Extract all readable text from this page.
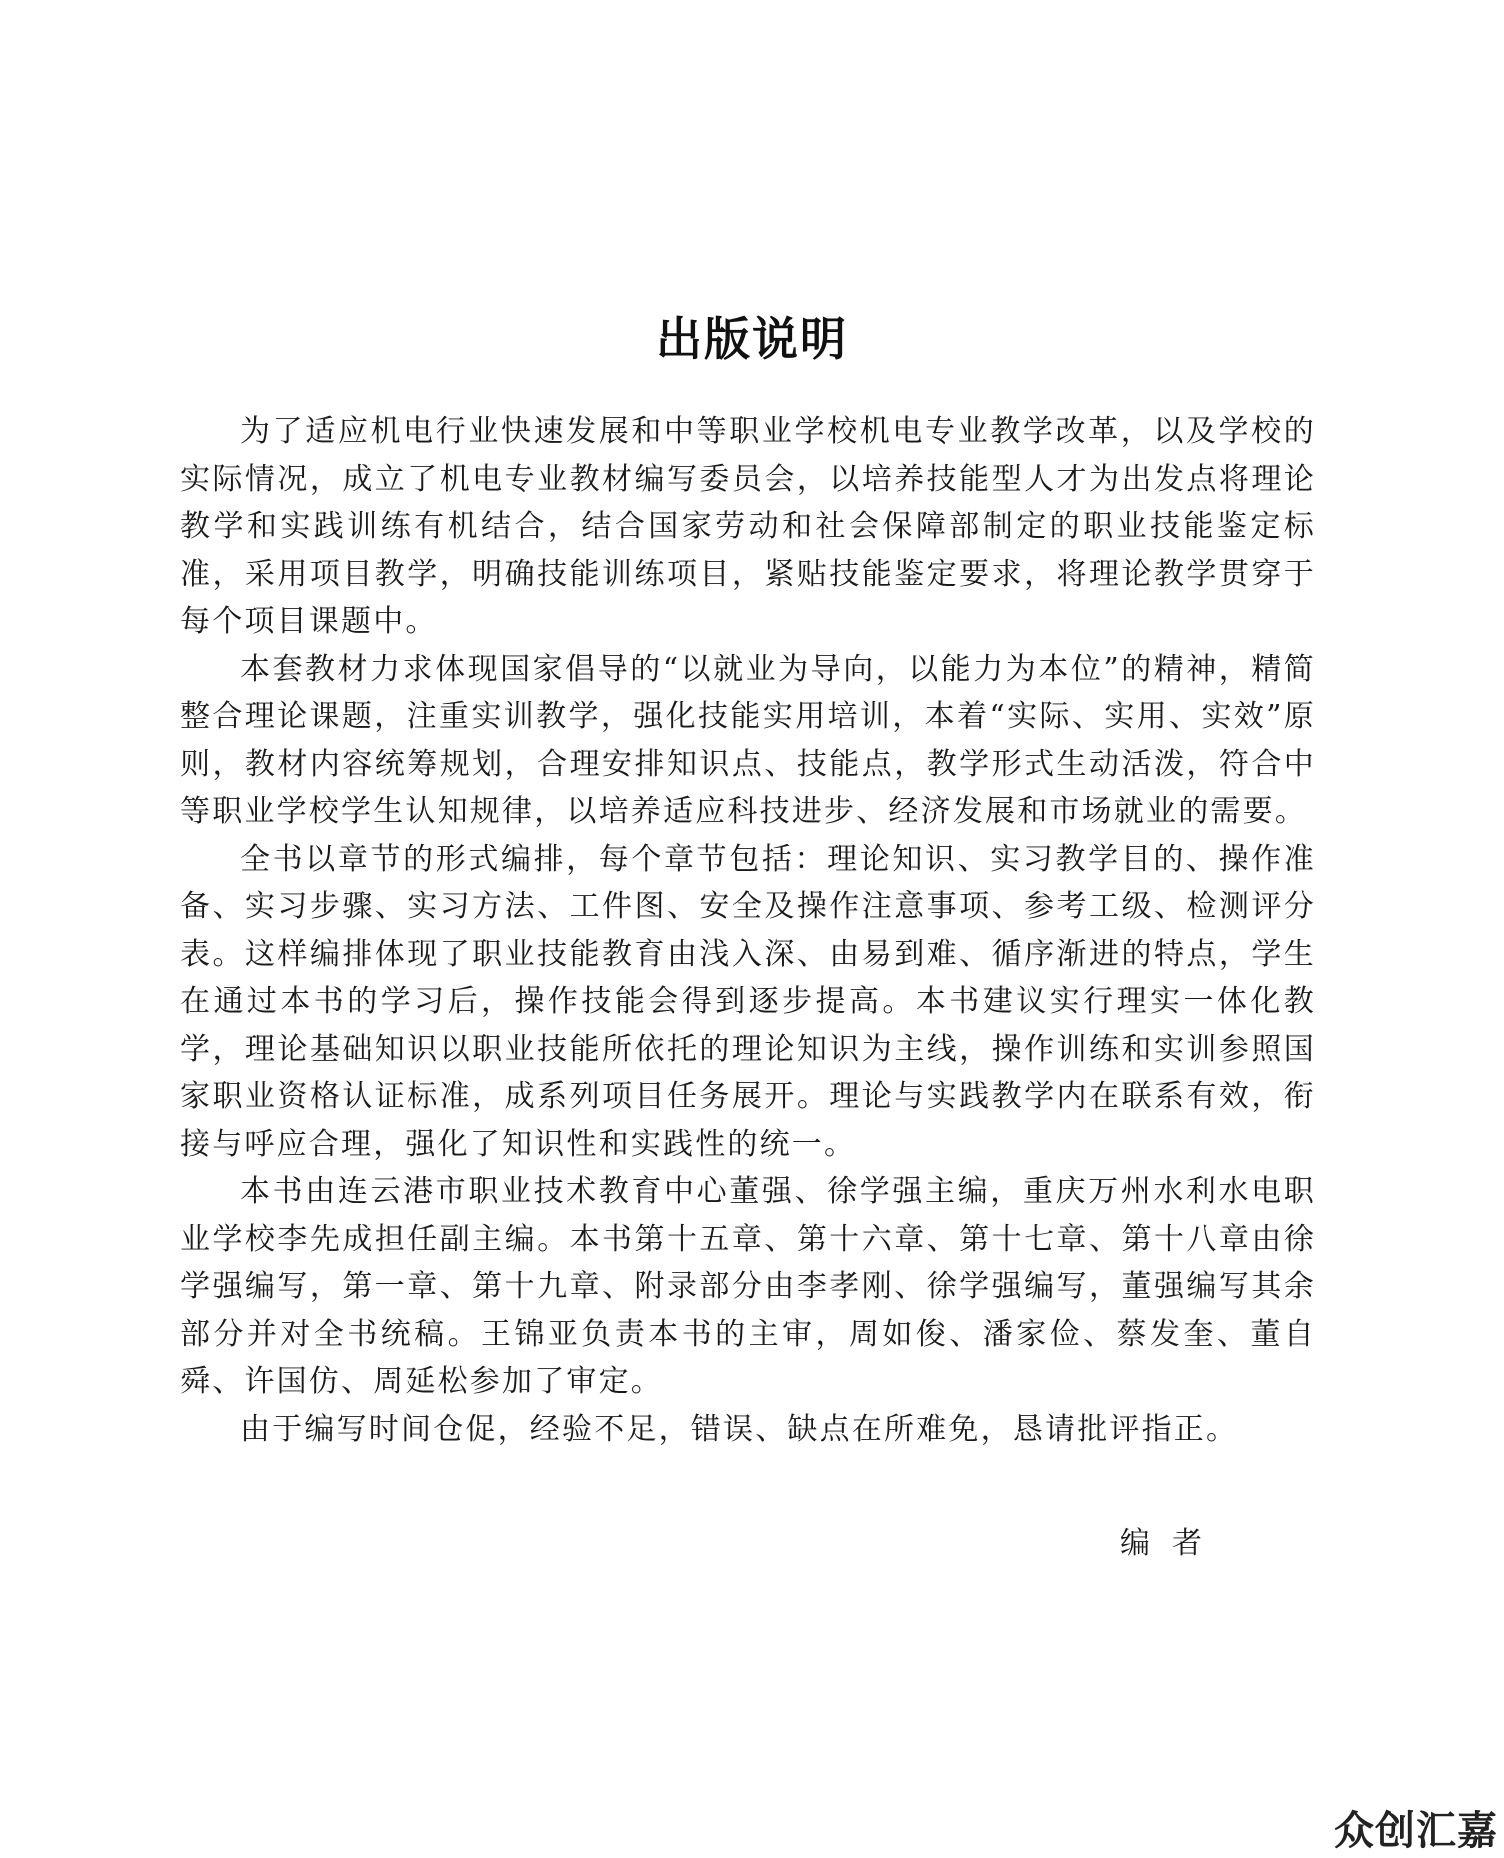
出版说明

为了适应机电行业快速发展和中等职业学校机电专业教学改革，以及学校的实际情况，成立了机电专业教材编写委员会，以培养技能型人才为出发点将理论教学和实践训练有机结合，结合国家劳动和社会保障部制定的职业技能鉴定标准，采用项目教学，明确技能训练项目，紧贴技能鉴定要求，将理论教学贯穿于每个项目课题中。

本套教材力求体现国家倡导的“以就业为导向，以能力为本位”的精神，精简整合理论课题，注重实训教学，强化技能实用培训，本着“实际、实用、实效”原则，教材内容统筹规划，合理安排知识点、技能点，教学形式生动活泼，符合中等职业学校学生认知规律，以培养适应科技进步、经济发展和市场就业的需要。

全书以章节的形式编排，每个章节包括：理论知识、实习教学目的、操作准备、实习步骤、实习方法、工件图、安全及操作注意事项、参考工级、检测评分表。这样编排体现了职业技能教育由浅入深、由易到难、循序渐进的特点，学生在通过本书的学习后，操作技能会得到逐步提高。本书建议实行理实一体化教学，理论基础知识以职业技能所依托的理论知识为主线，操作训练和实训参照国家职业资格认证标准，成系列项目任务展开。理论与实践教学内在联系有效，衔接与呼应合理，强化了知识性和实践性的统一。

本书由连云港市职业技术教育中心董强、徐学强主编，重庆万州水利水电职业学校李先成担任副主编。本书第十五章、第十六章、第十七章、第十八章由徐学强编写，第一章、第十九章、附录部分由李孝刚、徐学强编写，董强编写其余部分并对全书统稿。王锦亚负责本书的主审，周如俊、潘家俭、蔡发奎、董自舜、许国仿、周延松参加了审定。

由于编写时间仓促，经验不足，错误、缺点在所难免，恳请批评指正。

编者
众创汇嘉
